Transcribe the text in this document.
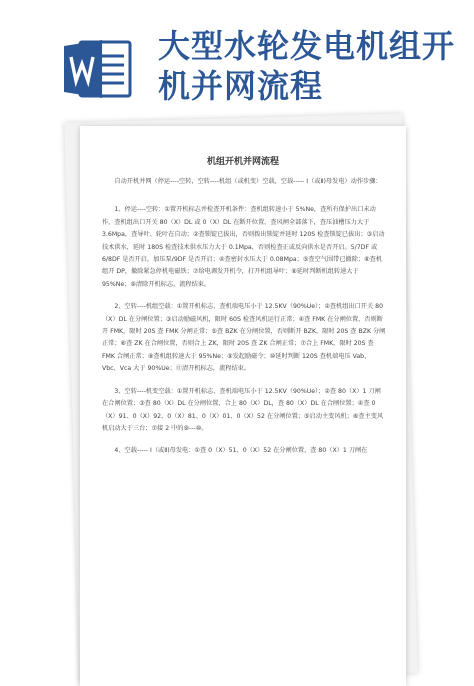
大型水轮发电机组开机并网流程
机组开机并网流程

自动开机并网（停运----空转，空转----机组（或机变）空载，空载----- Ⅰ（或Ⅱ)母发电）动作步骤：

1、停运----空转：①置开机标志并检查开机条件：查机组转速小于 5%Ne，查所有保护出口未动作，查机组出口开关 80（X）DL 或 0（X）DL 在断开位置，查风闸全部落下，查压油槽压力大于 3.6Mpa，查导叶、轮叶在自动；②查锁锭已拔出，否则拨出锁锭并延时 120S 检查锁锭已拔出；③启动技术供水，延时 180S 检查技术供水压力大于 0.1Mpa，否则检查正或反向供水是否开启。5/7DF 或 6/8DF 是否开启，加压泵/9DF 是否开启；④查密封水压大于 0.08Mpa；⑤查空气围带已撤除；⑥查机组开 DP，撤除紧急停机电磁铁；⑦给电调发开机令，打开机组导叶；⑧延时判断机组转速大于 95%Ne；⑨清除开机标志，流程结束。

2、空转----机组空载：①置开机标志、查机端电压小于 12.5KV（90%Ue）；②查机组出口开关 80（X）DL 在分闸位置；③启动励磁风机，限时 60S 检查风机运行正常；④查 FMK 在分闸位置，否则断开 FMK，限时 20S 查 FMK 分闸正常；⑤查 BZK 在分闸位置，否则断开 BZK，限时 20S 查 BZK 分闸正常；⑥查 ZK 在合闸位置，否则合上 ZK，限时 20S 查 ZK 合闸正常；⑦合上 FMK，限时 20S 查 FMK 合闸正常；⑧查机组转速大于 95%Ne；⑨发起励磁令；⑩延时判断 120S 查机端电压 Vab、Vbc、Vca 大于 90%Ue；⑪清开机标志，流程结束。

3、空转----机变空载：①置开机标志、查机端电压小于 12.5KV（90%Ue）；②查 80（X）1 刀闸在合闸位置；③查 80（X）DL 在分闸位置，合上 80（X）DL，查 80（X）DL 在合闸位置；④查 0（X）91、0（X）92、0（X）81、0（X）01、0（X）52 在分闸位置；⑤启动主变风机；⑥查主变风机启动大于三台；⑦接 2 中的⑨---⑩。

4、空载----- Ⅰ（或Ⅱ)母发电：①查 0（X）51、0（X）52 在分闸位置，查 80（X）1 刀闸在
